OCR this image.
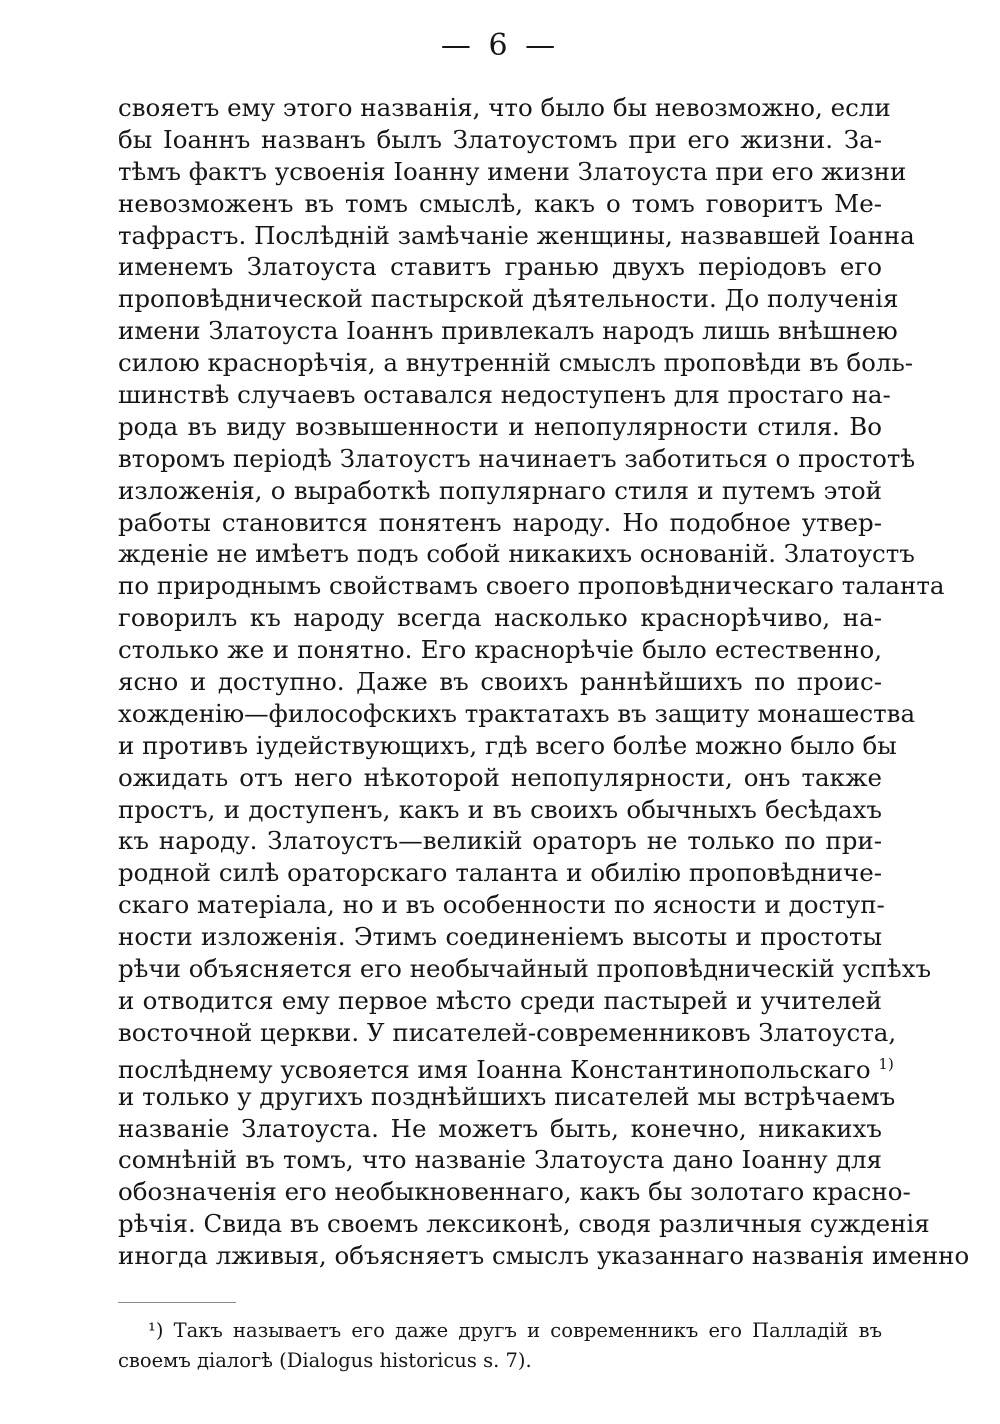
— 6 —
свояетъ ему этого названія, что было бы невозможно, если
бы Іоаннъ названъ былъ Златоустомъ при его жизни. За-
тѣмъ фактъ усвоенія Іоанну имени Златоуста при его жизни
невозможенъ въ томъ смыслѣ, какъ о томъ говоритъ Ме-
тафрастъ. Послѣдній замѣчаніе женщины, назвавшей Іоанна
именемъ Златоуста ставитъ гранью двухъ періодовъ его
проповѣднической пастырской дѣятельности. До полученія
имени Златоуста Іоаннъ привлекалъ народъ лишь внѣшнею
силою краснорѣчія, а внутренній смыслъ проповѣди въ боль-
шинствѣ случаевъ оставался недоступенъ для простаго на-
рода въ виду возвышенности и непопулярности стиля. Во
второмъ періодѣ Златоустъ начинаетъ заботиться о простотѣ
изложенія, о выработкѣ популярнаго стиля и путемъ этой
работы становится понятенъ народу. Но подобное утвер-
жденіе не имѣетъ подъ собой никакихъ основаній. Златоустъ
по природнымъ свойствамъ своего проповѣдническаго таланта
говорилъ къ народу всегда насколько краснорѣчиво, на-
столько же и понятно. Его краснорѣчіе было естественно,
ясно и доступно. Даже въ своихъ раннѣйшихъ по проис-
хожденію—философскихъ трактатахъ въ защиту монашества
и противъ іудействующихъ, гдѣ всего болѣе можно было бы
ожидать отъ него нѣкоторой непопулярности, онъ также
простъ, и доступенъ, какъ и въ своихъ обычныхъ бесѣдахъ
къ народу. Златоустъ—великій ораторъ не только по при-
родной силѣ ораторскаго таланта и обилію проповѣдниче-
скаго матеріала, но и въ особенности по ясности и доступ-
ности изложенія. Этимъ соединеніемъ высоты и простоты
рѣчи объясняется его необычайный проповѣдническій успѣхъ
и отводится ему первое мѣсто среди пастырей и учителей
восточной церкви. У писателей-современниковъ Златоуста,
послѣднему усвояется имя Іоанна Константинопольскаго $^{1)}$
и только у другихъ позднѣйшихъ писателей мы встрѣчаемъ
названіе Златоуста. Не можетъ быть, конечно, никакихъ
сомнѣній въ томъ, что названіе Златоуста дано Іоанну для
обозначенія его необыкновеннаго, какъ бы золотаго красно-
рѣчія. Свида въ своемъ лексиконѣ, сводя различныя сужденія
иногда лживыя, объясняетъ смыслъ указаннаго названія именно
¹) Такъ называетъ его даже другъ и современникъ его Палладій въ
своемъ діалогѣ (Dialogus historicus s. 7).
